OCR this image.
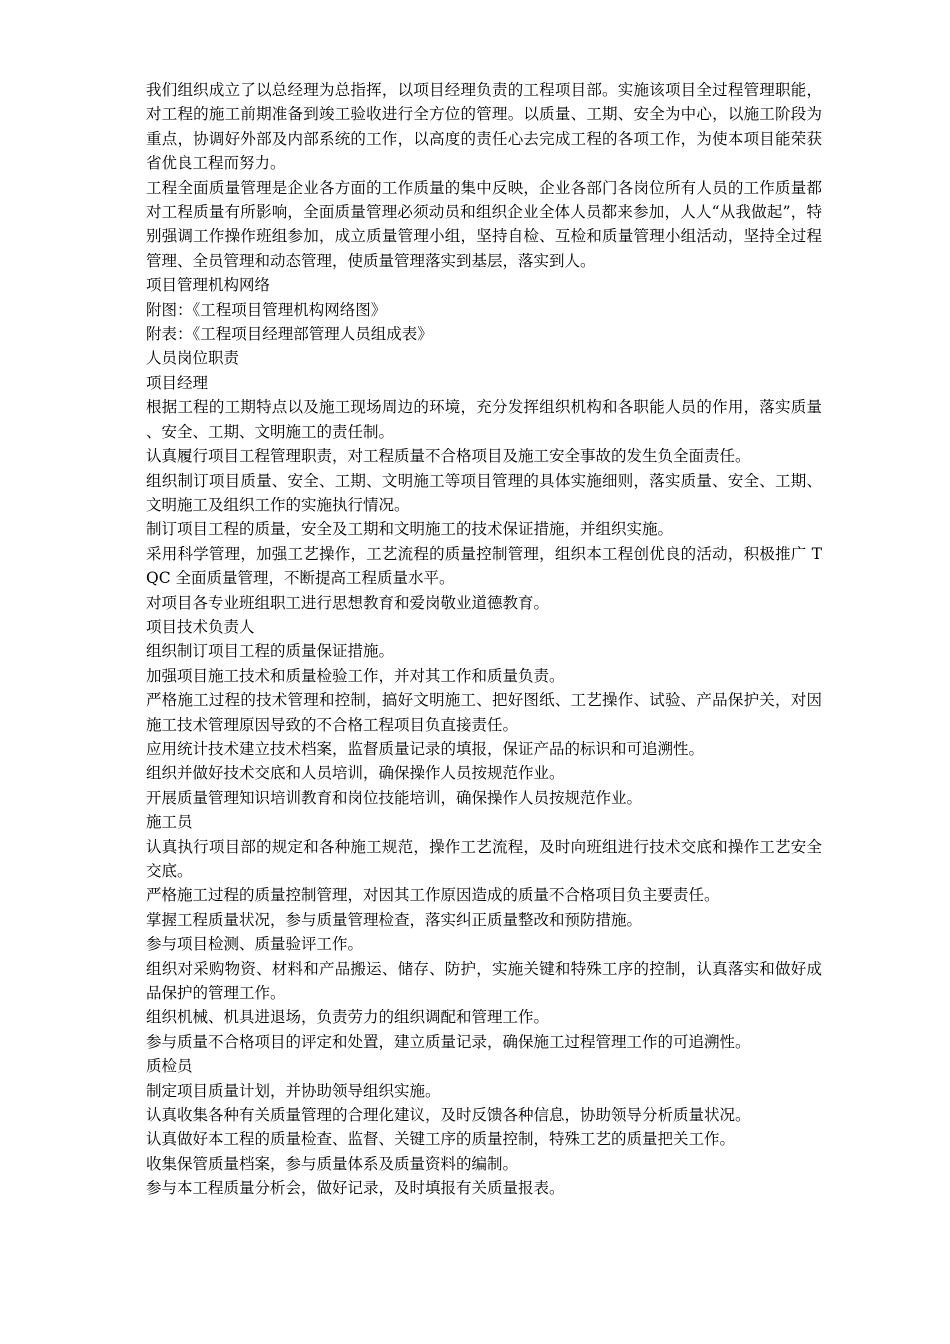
我们组织成立了以总经理为总指挥，以项目经理负责的工程项目部。实施该项目全过程管理职能，对工程的施工前期准备到竣工验收进行全方位的管理。以质量、工期、安全为中心，以施工阶段为重点，协调好外部及内部系统的工作，以高度的责任心去完成工程的各项工作，为使本项目能荣获省优良工程而努力。

工程全面质量管理是企业各方面的工作质量的集中反映，企业各部门各岗位所有人员的工作质量都对工程质量有所影响，全面质量管理必须动员和组织企业全体人员都来参加，人人“从我做起”，特别强调工作操作班组参加，成立质量管理小组，坚持自检、互检和质量管理小组活动，坚持全过程管理、全员管理和动态管理，使质量管理落实到基层，落实到人。

项目管理机构网络

附图：《工程项目管理机构网络图》

附表：《工程项目经理部管理人员组成表》

人员岗位职责

项目经理

根据工程的工期特点以及施工现场周边的环境，充分发挥组织机构和各职能人员的作用，落实质量、安全、工期、文明施工的责任制。

认真履行项目工程管理职责，对工程质量不合格项目及施工安全事故的发生负全面责任。

组织制订项目质量、安全、工期、文明施工等项目管理的具体实施细则，落实质量、安全、工期、文明施工及组织工作的实施执行情况。

制订项目工程的质量，安全及工期和文明施工的技术保证措施，并组织实施。

采用科学管理，加强工艺操作，工艺流程的质量控制管理，组织本工程创优良的活动，积极推广 TQC 全面质量管理，不断提高工程质量水平。

对项目各专业班组职工进行思想教育和爱岗敬业道德教育。

项目技术负责人

组织制订项目工程的质量保证措施。

加强项目施工技术和质量检验工作，并对其工作和质量负责。

严格施工过程的技术管理和控制，搞好文明施工、把好图纸、工艺操作、试验、产品保护关，对因施工技术管理原因导致的不合格工程项目负直接责任。

应用统计技术建立技术档案，监督质量记录的填报，保证产品的标识和可追溯性。

组织并做好技术交底和人员培训，确保操作人员按规范作业。

开展质量管理知识培训教育和岗位技能培训，确保操作人员按规范作业。

施工员

认真执行项目部的规定和各种施工规范，操作工艺流程，及时向班组进行技术交底和操作工艺安全交底。

严格施工过程的质量控制管理，对因其工作原因造成的质量不合格项目负主要责任。

掌握工程质量状况，参与质量管理检查，落实纠正质量整改和预防措施。

参与项目检测、质量验评工作。

组织对采购物资、材料和产品搬运、储存、防护，实施关键和特殊工序的控制，认真落实和做好成品保护的管理工作。

组织机械、机具进退场，负责劳力的组织调配和管理工作。

参与质量不合格项目的评定和处置，建立质量记录，确保施工过程管理工作的可追溯性。

质检员

制定项目质量计划，并协助领导组织实施。

认真收集各种有关质量管理的合理化建议，及时反馈各种信息，协助领导分析质量状况。

认真做好本工程的质量检查、监督、关键工序的质量控制，特殊工艺的质量把关工作。

收集保管质量档案，参与质量体系及质量资料的编制。

参与本工程质量分析会，做好记录，及时填报有关质量报表。
